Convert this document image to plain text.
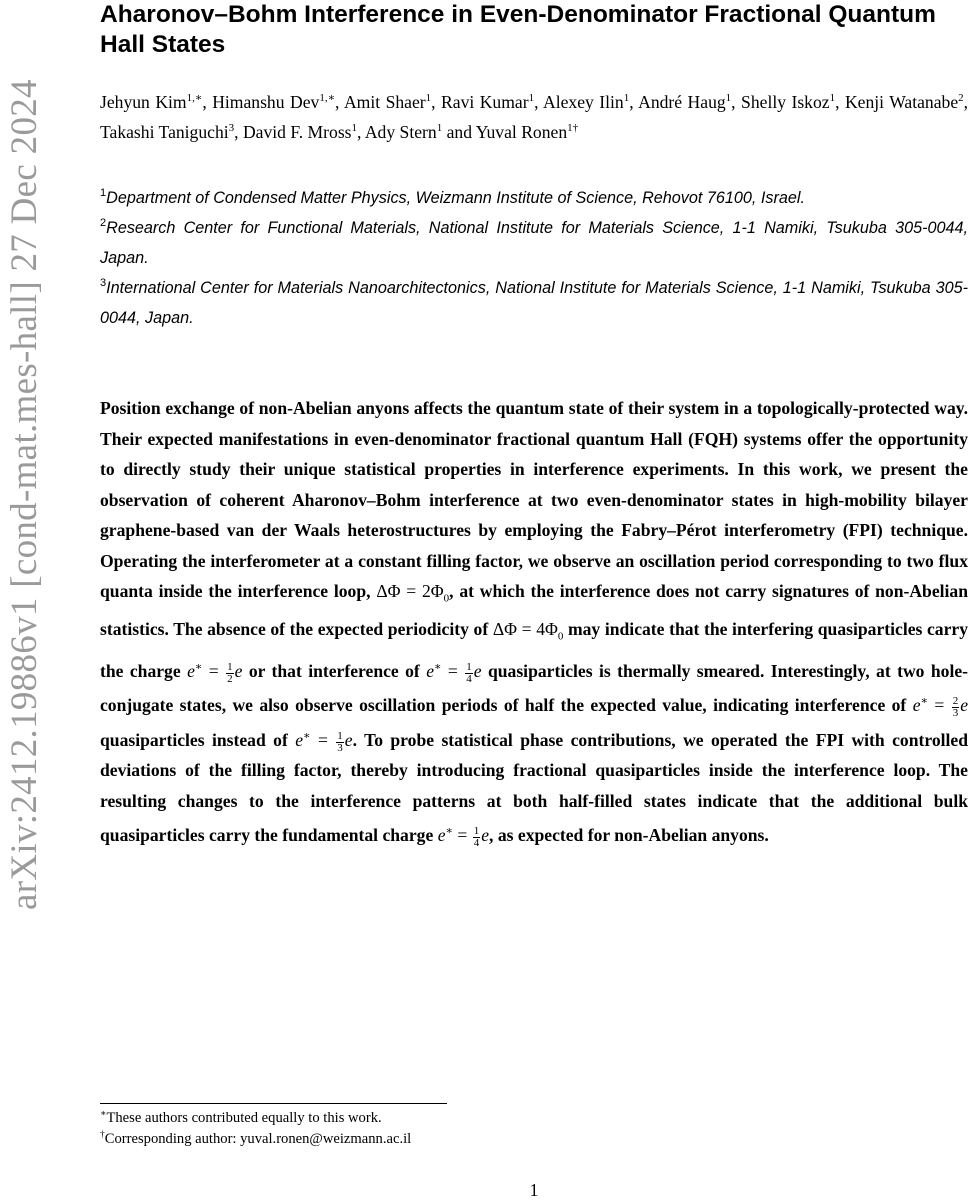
arXiv:2412.19886v1 [cond-mat.mes-hall] 27 Dec 2024
Aharonov–Bohm Interference in Even-Denominator Fractional Quantum Hall States
Jehyun Kim$^{1,∗}$, Himanshu Dev$^{1,∗}$, Amit Shaer$^1$, Ravi Kumar$^1$, Alexey Ilin$^1$, André Haug$^1$, Shelly Iskoz$^1$, Kenji Watanabe$^2$, Takashi Taniguchi$^3$, David F. Mross$^1$, Ady Stern$^1$ and Yuval Ronen$^{1\dagger}$
$^1$Department of Condensed Matter Physics, Weizmann Institute of Science, Rehovot 76100, Israel.
$^2$Research Center for Functional Materials, National Institute for Materials Science, 1-1 Namiki, Tsukuba 305-0044, Japan.
$^3$International Center for Materials Nanoarchitectonics, National Institute for Materials Science, 1-1 Namiki, Tsukuba 305-0044, Japan.

Position exchange of non-Abelian anyons affects the quantum state of their system in a topologically-protected way. Their expected manifestations in even-denominator fractional quantum Hall (FQH) systems offer the opportunity to directly study their unique statistical properties in interference experiments. In this work, we present the observation of coherent Aharonov–Bohm interference at two even-denominator states in high-mobility bilayer graphene-based van der Waals heterostructures by employing the Fabry–Pérot interferometry (FPI) technique. Operating the interferometer at a constant filling factor, we observe an oscillation period corresponding to two flux quanta inside the interference loop, $\Delta\Phi = 2\Phi_0$, at which the interference does not carry signatures of non-Abelian statistics. The absence of the expected periodicity of $\Delta\Phi = 4\Phi_0$ may indicate that the interfering quasiparticles carry the charge $e^∗ = \frac{1}{2}$ e or that interference of $e^∗ = \frac{1}{4}$ e quasiparticles is thermally smeared. Interestingly, at two hole-conjugate states, we also observe oscillation periods of half the expected value, indicating interference of $e^∗ = \frac{2}{3}$ e quasiparticles instead of $e^∗ = \frac{1}{3} e$. To probe statistical phase contributions, we operated the FPI with controlled deviations of the filling factor, thereby introducing fractional quasiparticles inside the interference loop. The resulting changes to the interference patterns at both half-filled states indicate that the additional bulk quasiparticles carry the fundamental charge $e^∗ = \frac{1}{4} e$, as expected for non-Abelian anyons.

∗These authors contributed equally to this work.
†Corresponding author: yuval.ronen@weizmann.ac.il
1
